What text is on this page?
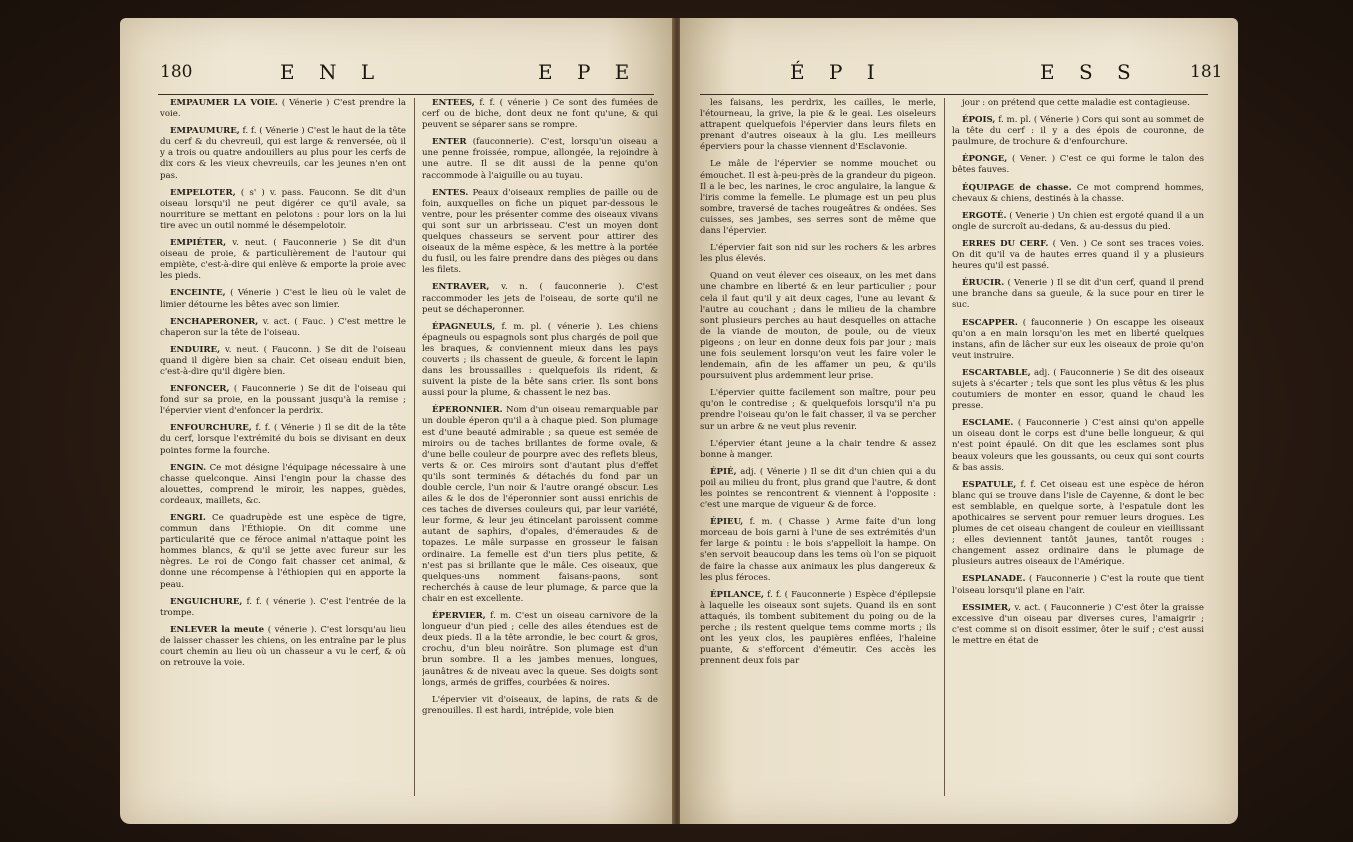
180	E N L	E P E

EMPAUMER LA VOIE. ( Vénerie ) C'est prendre la voie.

EMPAUMURE, f. f. ( Vénerie ) C'est le haut de la tête du cerf & du chevreuil, qui est large & renversée, où il y a trois ou quatre andouillers au plus pour les cerfs de dix cors & les vieux chevreuils, car les jeunes n'en ont pas.

EMPELOTER, ( s' ) v. pass. Fauconn. Se dit d'un oiseau lorsqu'il ne peut digérer ce qu'il avale, sa nourriture se mettant en pelotons : pour lors on la lui tire avec un outil nommé le désempelotoir.

EMPIÉTER, v. neut. ( Fauconnerie ) Se dit d'un oiseau de proie, & particulièrement de l'autour qui empiète, c'est-à-dire qui enlève & emporte la proie avec les pieds.

ENCEINTE, ( Vénerie ) C'est le lieu où le valet de limier détourne les bêtes avec son limier.

ENCHAPERONER, v. act. ( Fauc. ) C'est mettre le chaperon sur la tête de l'oiseau.

ENDUIRE, v. neut. ( Fauconn. ) Se dit de l'oiseau quand il digère bien sa chair. Cet oiseau enduit bien, c'est-à-dire qu'il digère bien.

ENFONCER, ( Fauconnerie ) Se dit de l'oiseau qui fond sur sa proie, en la poussant jusqu'à la remise ; l'épervier vient d'enfoncer la perdrix.

ENFOURCHURE, f. f. ( Vénerie ) Il se dit de la tête du cerf, lorsque l'extrémité du bois se divisant en deux pointes forme la fourche.

ENGIN. Ce mot désigne l'équipage nécessaire à une chasse quelconque. Ainsi l'engin pour la chasse des alouettes, comprend le miroir, les nappes, guèdes, cordeaux, maillets, &c.

ENGRI. Ce quadrupède est une espèce de tigre, commun dans l'Éthiopie. On dit comme une particularité que ce féroce animal n'attaque point les hommes blancs, & qu'il se jette avec fureur sur les nègres. Le roi de Congo fait chasser cet animal, & donne une récompense à l'éthiopien qui en apporte la peau.

ENGUICHURE, f. f. ( vénerie ). C'est l'entrée de la trompe.

ENLEVER la meute ( vénerie ). C'est lorsqu'au lieu de laisser chasser les chiens, on les entraîne par le plus court chemin au lieu où un chasseur a vu le cerf, & où on retrouve la voie.

ENTÉES, f. f. ( vénerie ) Ce sont des fumées de cerf ou de biche, dont deux ne font qu'une, & qui peuvent se séparer sans se rompre.

ENTER (fauconnerie). C'est, lorsqu'un oiseau a une penne froissée, rompue, allongée, la rejoindre à une autre. Il se dit aussi de la penne qu'on raccommode à l'aiguille ou au tuyau.

ENTES. Peaux d'oiseaux remplies de paille ou de foin, auxquelles on fiche un piquet par-dessous le ventre, pour les présenter comme des oiseaux vivans qui sont sur un arbrisseau. C'est un moyen dont quelques chasseurs se servent pour attirer des oiseaux de la même espèce, & les mettre à la portée du fusil, ou les faire prendre dans des pièges ou dans les filets.

ENTRAVER, v. n. ( fauconnerie ). C'est raccommoder les jets de l'oiseau, de sorte qu'il ne peut se déchaperonner.

ÉPAGNEULS, f. m. pl. ( vénerie ). Les chiens épagneuls ou espagnols sont plus chargés de poil que les braques, & conviennent mieux dans les pays couverts ; ils chassent de gueule, & forcent le lapin dans les broussailles : quelquefois ils rident, & suivent la piste de la bête sans crier. Ils sont bons aussi pour la plume, & chassent le nez bas.

ÉPERONNIER. Nom d'un oiseau remarquable par un double éperon qu'il a à chaque pied. Son plumage est d'une beauté admirable ; sa queue est semée de miroirs ou de taches brillantes de forme ovale, & d'une belle couleur de pourpre avec des reflets bleus, verts & or. Ces miroirs sont d'autant plus d'effet qu'ils sont terminés & détachés du fond par un double cercle, l'un noir & l'autre orangé obscur. Les ailes & le dos de l'éperonnier sont aussi enrichis de ces taches de diverses couleurs qui, par leur variété, leur forme, & leur jeu étincelant paroissent comme autant de saphirs, d'opales, d'émeraudes & de topazes. Le mâle surpasse en grosseur le faisan ordinaire. La femelle est d'un tiers plus petite, & n'est pas si brillante que le mâle. Ces oiseaux, que quelques-uns nomment faisans-paons, sont recherchés à cause de leur plumage, & parce que la chair en est excellente.

ÉPERVIER, f. m. C'est un oiseau carnivore de la longueur d'un pied ; celle des ailes étendues est de deux pieds. Il a la tête arrondie, le bec court & gros, crochu, d'un bleu noirâtre. Son plumage est d'un brun sombre. Il a les jambes menues, longues, jaunâtres & de niveau avec la queue. Ses doigts sont longs, armés de griffes, courbées & noires.

L'épervier vit d'oiseaux, de lapins, de rats & de grenouilles. Il est hardi, intrépide, vole bien

É P I	E S S	181

les faisans, les perdrix, les cailles, le merle, l'étourneau, la grive, la pie & le geai. Les oiseleurs attrapent quelquefois l'épervier dans leurs filets en prenant d'autres oiseaux à la glu. Les meilleurs éperviers pour la chasse viennent d'Esclavonie.

Le mâle de l'épervier se nomme mouchet ou émouchet. Il est à-peu-près de la grandeur du pigeon. Il a le bec, les narines, le croc angulaire, la langue & l'iris comme la femelle. Le plumage est un peu plus sombre, traversé de taches rougeâtres & ondées. Ses cuisses, ses jambes, ses serres sont de même que dans l'épervier.

L'épervier fait son nid sur les rochers & les arbres les plus élevés.

Quand on veut élever ces oiseaux, on les met dans une chambre en liberté & en leur particulier ; pour cela il faut qu'il y ait deux cages, l'une au levant & l'autre au couchant ; dans le milieu de la chambre sont plusieurs perches au haut desquelles on attache de la viande de mouton, de poule, ou de vieux pigeons ; on leur en donne deux fois par jour ; mais une fois seulement lorsqu'on veut les faire voler le lendemain, afin de les affamer un peu, & qu'ils poursuivent plus ardemment leur prise.

L'épervier quitte facilement son maître, pour peu qu'on le contredise ; & quelquefois lorsqu'il n'a pu prendre l'oiseau qu'on le fait chasser, il va se percher sur un arbre & ne veut plus revenir.

L'épervier étant jeune a la chair tendre & assez bonne à manger.

ÉPIÉ, adj. ( Vénerie ) Il se dit d'un chien qui a du poil au milieu du front, plus grand que l'autre, & dont les pointes se rencontrent & viennent à l'opposite : c'est une marque de vigueur & de force.

ÉPIEU, f. m. ( Chasse ) Arme faite d'un long morceau de bois garni à l'une de ses extrémités d'un fer large & pointu : le bois s'appelloit la hampe. On s'en servoit beaucoup dans les tems où l'on se piquoit de faire la chasse aux animaux les plus dangereux & les plus féroces.

ÉPILANCE, f. f. ( Fauconnerie ) Espèce d'épilepsie à laquelle les oiseaux sont sujets. Quand ils en sont attaqués, ils tombent subitement du poing ou de la perche ; ils restent quelque tems comme morts ; ils ont les yeux clos, les paupières enflées, l'haleine puante, & s'efforcent d'émeutir. Ces accès les prennent deux fois par

jour : on prétend que cette maladie est contagieuse.

ÉPOIS, f. m. pl. ( Vénerie ) Cors qui sont au sommet de la tête du cerf : il y a des épois de couronne, de paulmure, de trochure & d'enfourchure.

ÉPONGE, ( Vener. ) C'est ce qui forme le talon des bêtes fauves.

ÉQUIPAGE de chasse. Ce mot comprend hommes, chevaux & chiens, destinés à la chasse.

ERGOTÉ. ( Venerie ) Un chien est ergoté quand il a un ongle de surcroît au-dedans, & au-dessus du pied.

ERRES DU CERF. ( Ven. ) Ce sont ses traces voies. On dit qu'il va de hautes erres quand il y a plusieurs heures qu'il est passé.

ÉRUCIR. ( Venerie ) Il se dit d'un cerf, quand il prend une branche dans sa gueule, & la suce pour en tirer le suc.

ESCAPPER. ( fauconnerie ) On escappe les oiseaux qu'on a en main lorsqu'on les met en liberté quelques instans, afin de lâcher sur eux les oiseaux de proie qu'on veut instruire.

ESCARTABLE, adj. ( Fauconnerie ) Se dit des oiseaux sujets à s'écarter ; tels que sont les plus vêtus & les plus coutumiers de monter en essor, quand le chaud les presse.

ESCLAME. ( Fauconnerie ) C'est ainsi qu'on appelle un oiseau dont le corps est d'une belle longueur, & qui n'est point épaulé. On dit que les esclames sont plus beaux voleurs que les goussants, ou ceux qui sont courts & bas assis.

ESPATULE, f. f. Cet oiseau est une espèce de héron blanc qui se trouve dans l'isle de Cayenne, & dont le bec est semblable, en quelque sorte, à l'espatule dont les apothicaires se servent pour remuer leurs drogues. Les plumes de cet oiseau changent de couleur en vieillissant ; elles deviennent tantôt jaunes, tantôt rouges : changement assez ordinaire dans le plumage de plusieurs autres oiseaux de l'Amérique.

ESPLANADE. ( Fauconnerie ) C'est la route que tient l'oiseau lorsqu'il plane en l'air.

ESSIMER, v. act. ( Fauconnerie ) C'est ôter la graisse excessive d'un oiseau par diverses cures, l'amaigrir ; c'est comme si on disoit essimer, ôter le suif ; c'est aussi le mettre en état de
